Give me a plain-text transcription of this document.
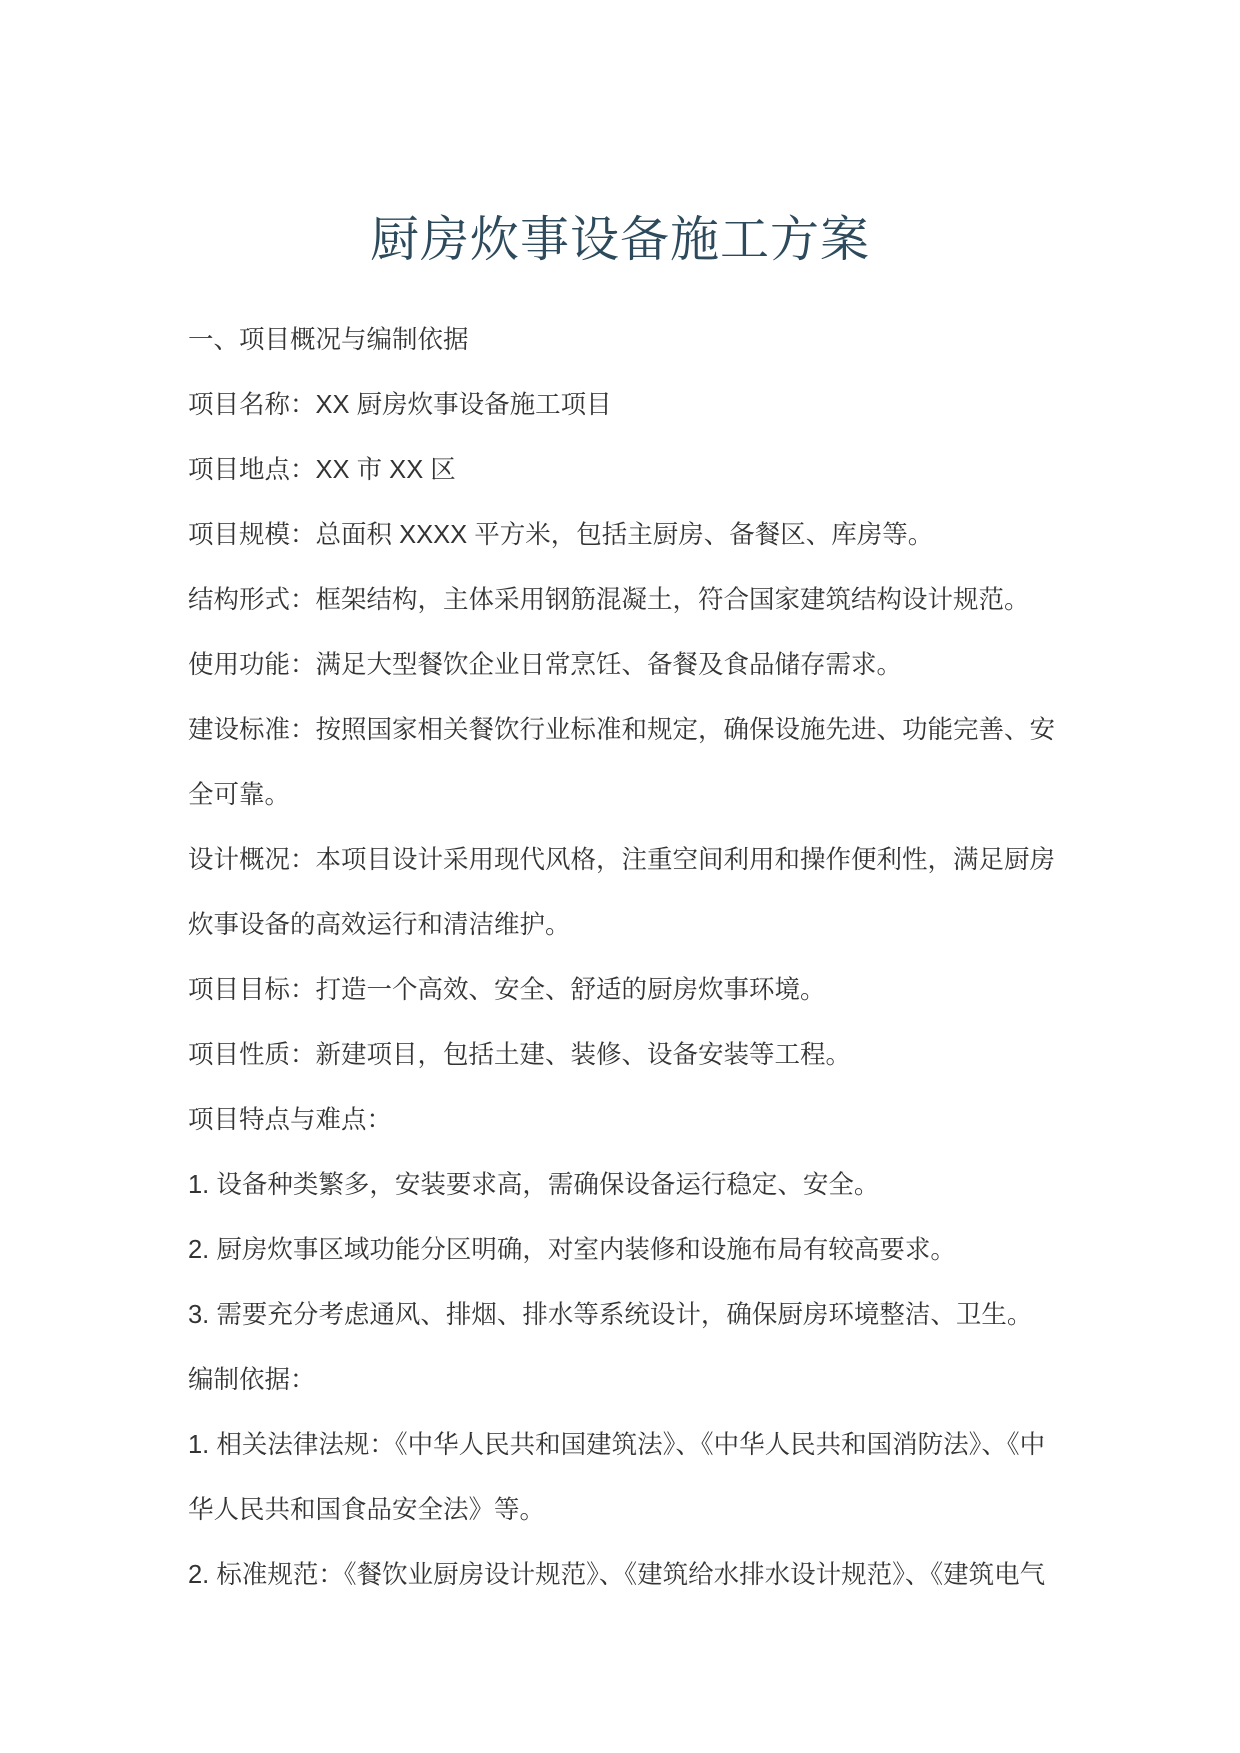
厨房炊事设备施工方案
一、项目概况与编制依据
项目名称：XX 厨房炊事设备施工项目
项目地点：XX 市 XX 区
项目规模：总面积 XXXX 平方米，包括主厨房、备餐区、库房等。
结构形式：框架结构，主体采用钢筋混凝土，符合国家建筑结构设计规范。
使用功能：满足大型餐饮企业日常烹饪、备餐及食品储存需求。
建设标准：按照国家相关餐饮行业标准和规定，确保设施先进、功能完善、安
全可靠。
设计概况：本项目设计采用现代风格，注重空间利用和操作便利性，满足厨房
炊事设备的高效运行和清洁维护。
项目目标：打造一个高效、安全、舒适的厨房炊事环境。
项目性质：新建项目，包括土建、装修、设备安装等工程。
项目特点与难点：
1. 设备种类繁多，安装要求高，需确保设备运行稳定、安全。
2. 厨房炊事区域功能分区明确，对室内装修和设施布局有较高要求。
3. 需要充分考虑通风、排烟、排水等系统设计，确保厨房环境整洁、卫生。
编制依据：
1. 相关法律法规：《中华人民共和国建筑法》、《中华人民共和国消防法》、《中
华人民共和国食品安全法》等。
2. 标准规范：《餐饮业厨房设计规范》、《建筑给水排水设计规范》、《建筑电气
